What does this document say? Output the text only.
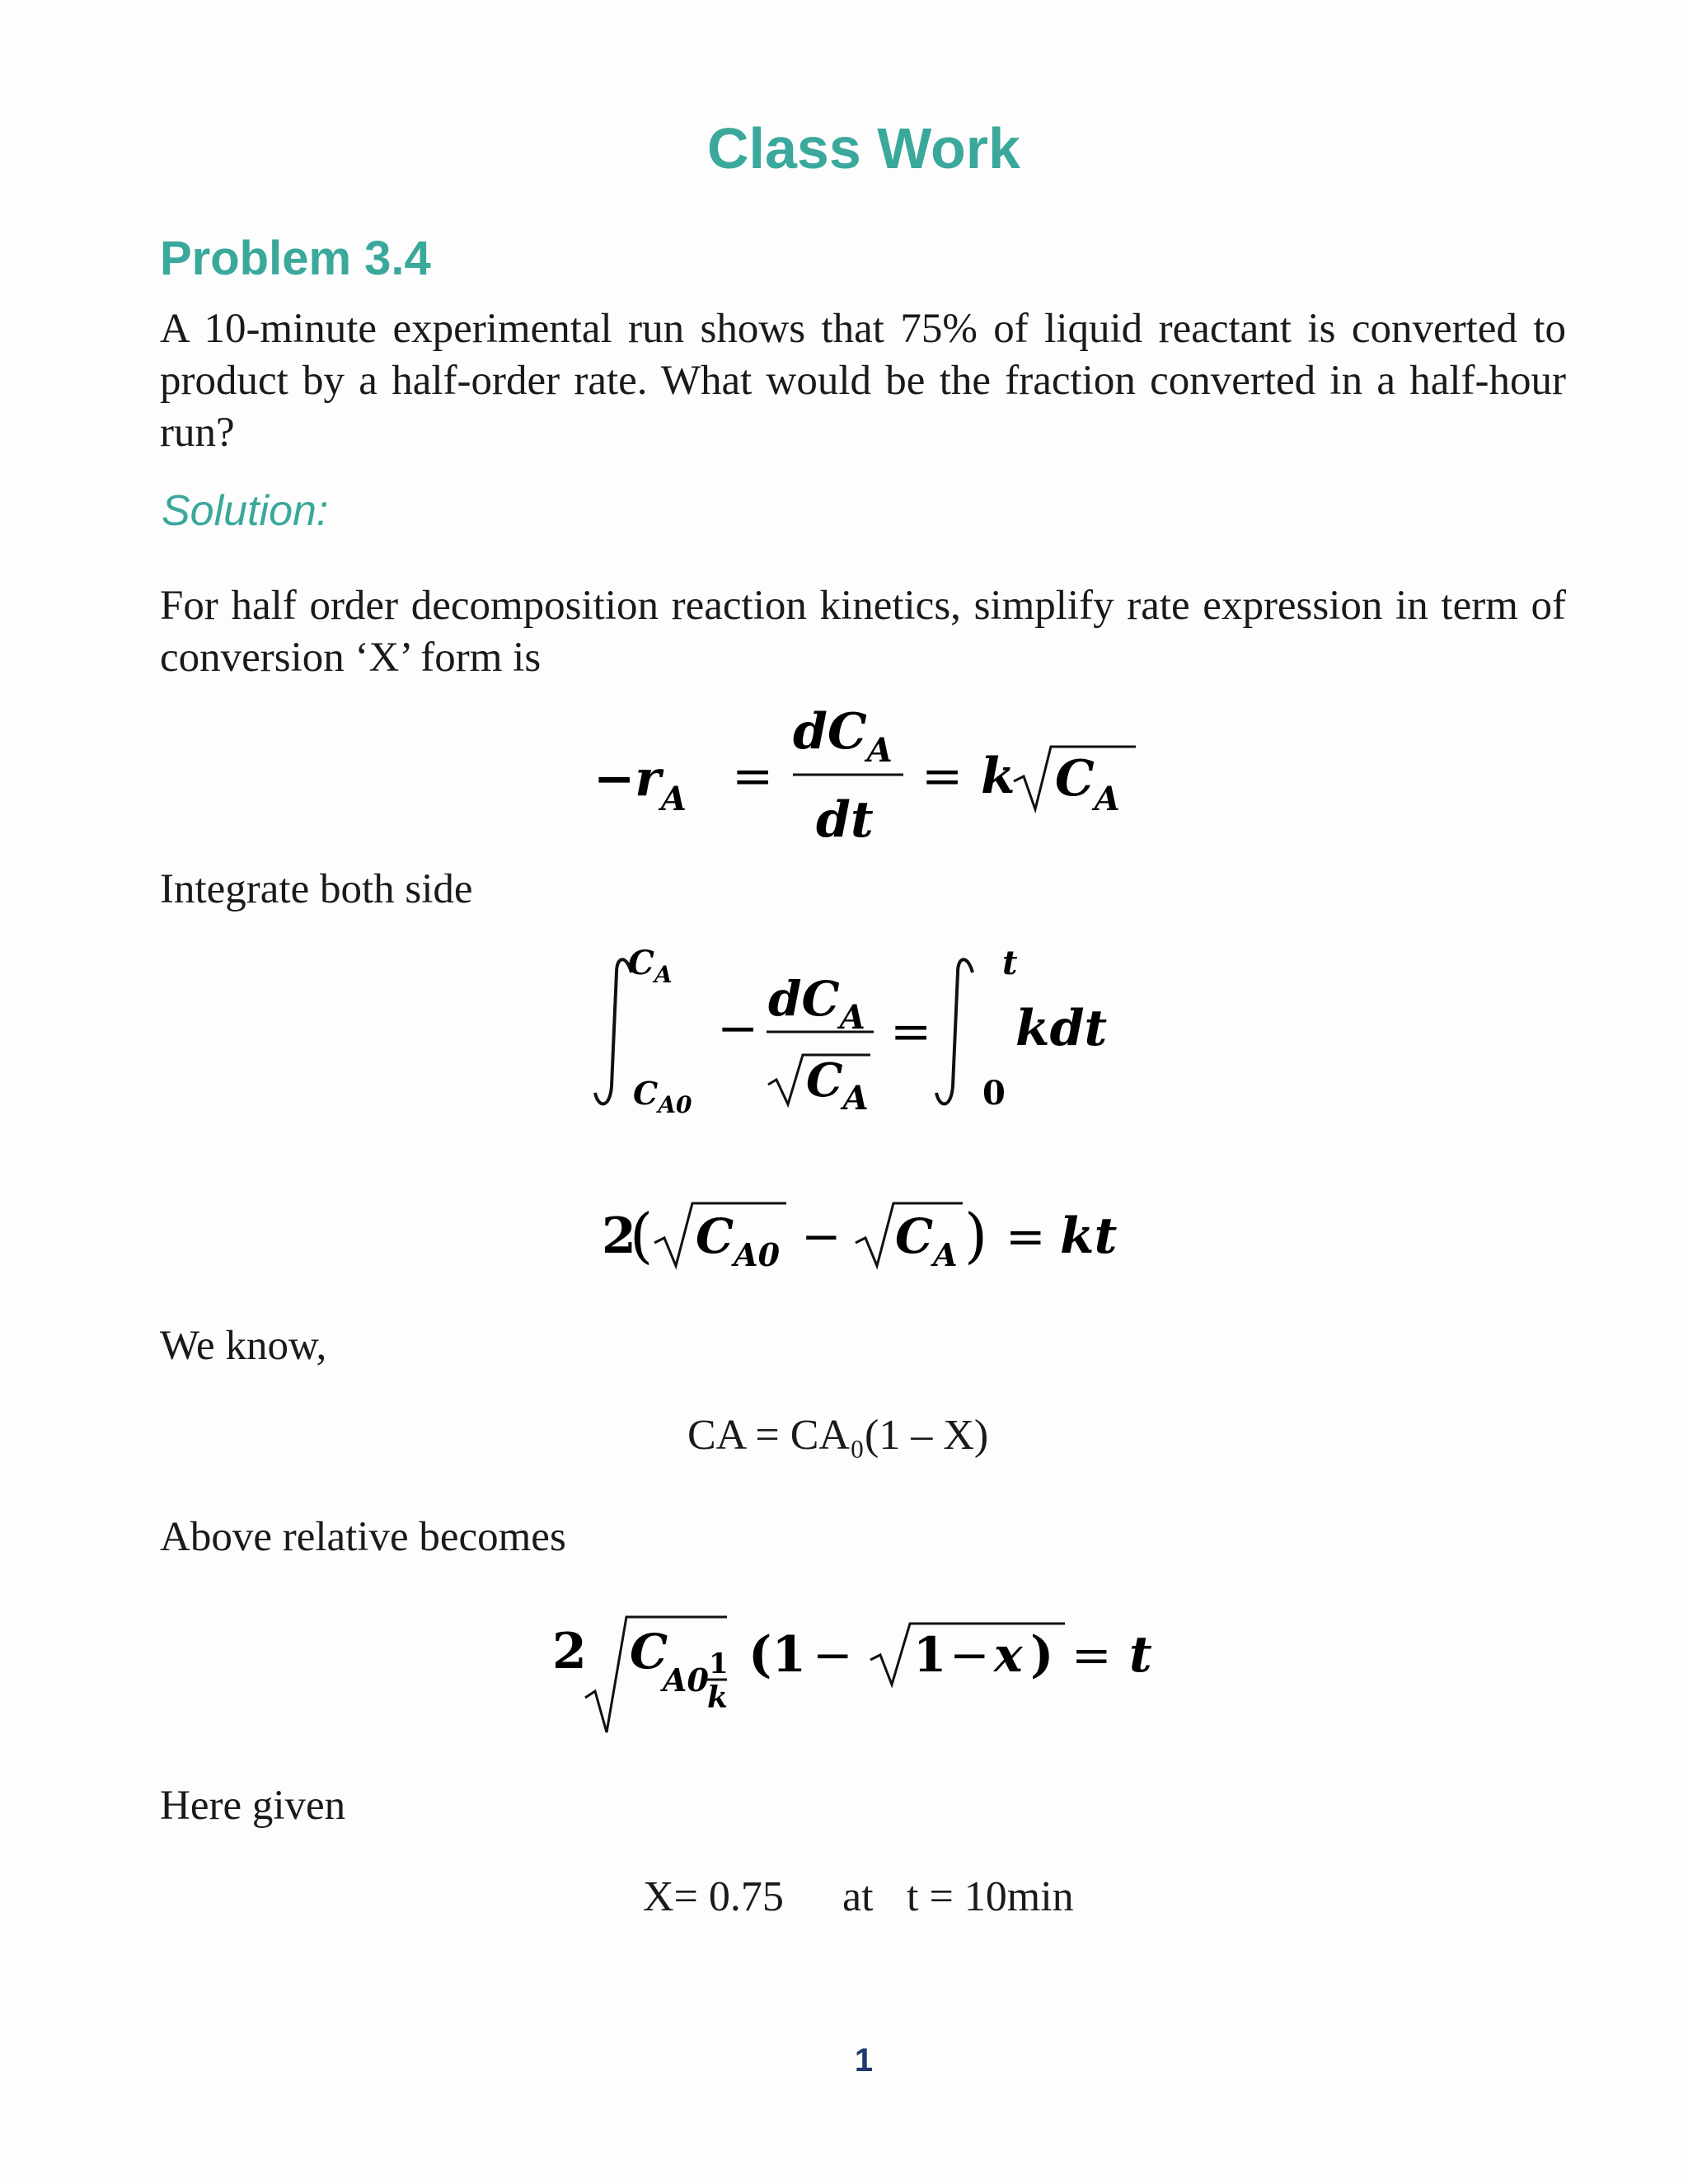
Class Work
Problem 3.4
A 10-minute experimental run shows that 75% of liquid reactant is converted to product by a half-order rate. What would be the fraction converted in a half-hour run?
Solution:
For half order decomposition reaction kinetics, simplify rate expression in term of conversion ‘X’ form is
$-r_A$ =
$dC_A$
dt
= k $C_A$
Integrate both side
$C_A$
$C_{A0}$
−
$dC_A$
$C_A$
=
t
0
kdt
2
( $C_{A0} - C_A$ ) = kt
We know,
CA = CA₀(1 – X)
Above relative becomes
2 C
A0 1
k
(1 − 1 − x ) = t
Here given
X= 0.75 at t = 10min
1
